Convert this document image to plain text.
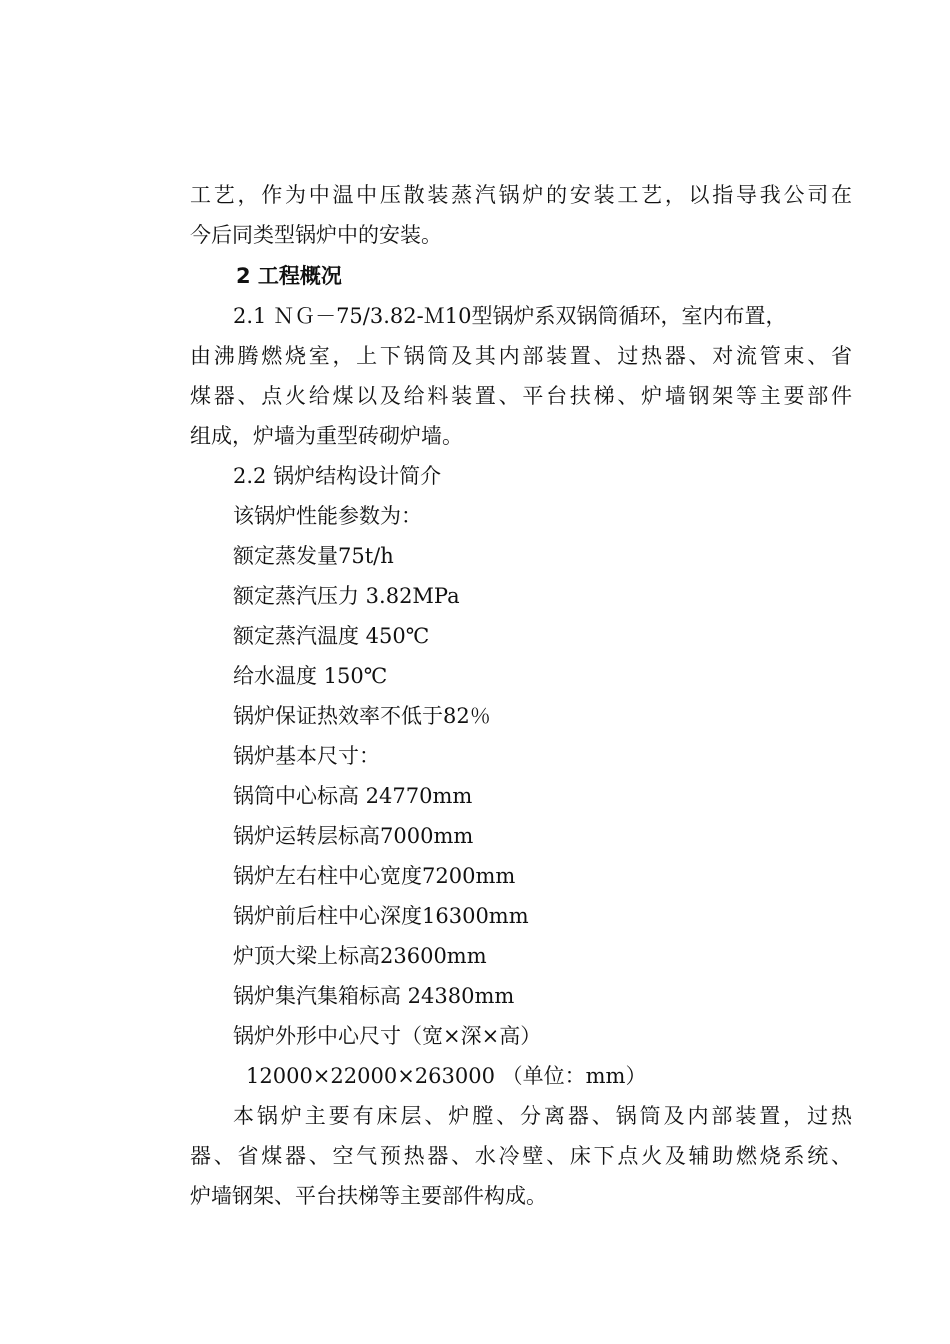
工艺，作为中温中压散装蒸汽锅炉的安装工艺，以指导我公司在
今后同类型锅炉中的安装。
2 工程概况
2.1 ＮＧ－75/3.82-Ｍ10型锅炉系双锅筒循环，室内布置，
由沸腾燃烧室，上下锅筒及其内部装置、过热器、对流管束、省
煤器、点火给煤以及给料装置、平台扶梯、炉墙钢架等主要部件
组成，炉墙为重型砖砌炉墙。
2.2 锅炉结构设计简介
该锅炉性能参数为：
额定蒸发量75t/h
额定蒸汽压力 3.82MPa
额定蒸汽温度 450℃
给水温度 150℃
锅炉保证热效率不低于82％
锅炉基本尺寸：
锅筒中心标高 24770mm
锅炉运转层标高7000mm
锅炉左右柱中心宽度7200mm
锅炉前后柱中心深度16300mm
炉顶大梁上标高23600mm
锅炉集汽集箱标高 24380mm
锅炉外形中心尺寸（宽×深×高）
12000×22000×263000 （单位：mm）
本锅炉主要有床层、炉膛、分离器、锅筒及内部装置，过热
器、省煤器、空气预热器、水冷壁、床下点火及辅助燃烧系统、
炉墙钢架、平台扶梯等主要部件构成。
